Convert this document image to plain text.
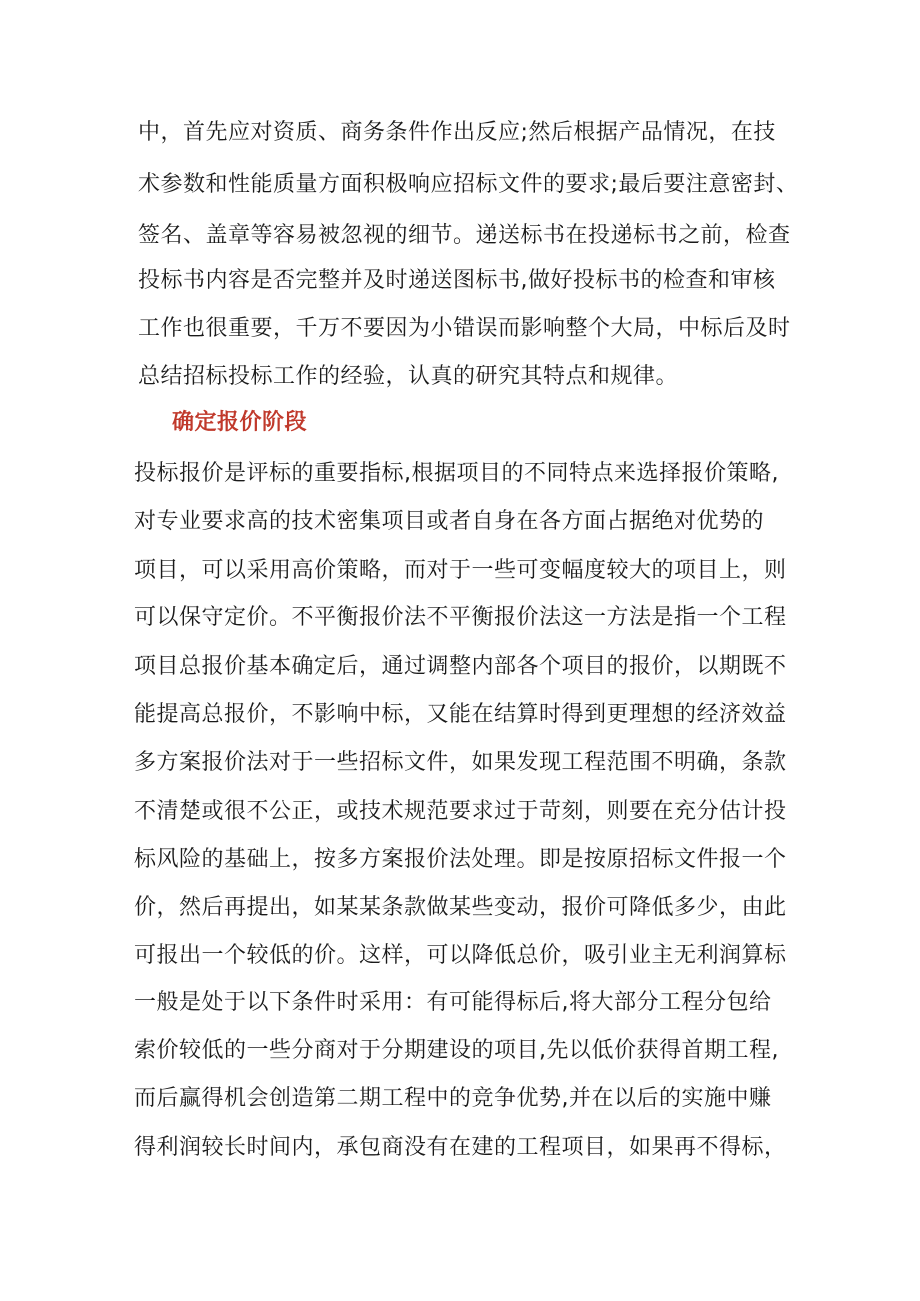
中，首先应对资质、商务条件作出反应;然后根据产品情况，在技
术参数和性能质量方面积极响应招标文件的要求;最后要注意密封、
签名、盖章等容易被忽视的细节。递送标书在投递标书之前，检查
投标书内容是否完整并及时递送图标书,做好投标书的检查和审核
工作也很重要，千万不要因为小错误而影响整个大局，中标后及时
总结招标投标工作的经验，认真的研究其特点和规律。
确定报价阶段
投标报价是评标的重要指标,根据项目的不同特点来选择报价策略,
对专业要求高的技术密集项目或者自身在各方面占据绝对优势的
项目，可以采用高价策略，而对于一些可变幅度较大的项目上，则
可以保守定价。不平衡报价法不平衡报价法这一方法是指一个工程
项目总报价基本确定后，通过调整内部各个项目的报价，以期既不
能提高总报价，不影响中标，又能在结算时得到更理想的经济效益
多方案报价法对于一些招标文件，如果发现工程范围不明确，条款
不清楚或很不公正，或技术规范要求过于苛刻，则要在充分估计投
标风险的基础上，按多方案报价法处理。即是按原招标文件报一个
价，然后再提出，如某某条款做某些变动，报价可降低多少，由此
可报出一个较低的价。这样，可以降低总价，吸引业主无利润算标
一般是处于以下条件时采用：有可能得标后,将大部分工程分包给
索价较低的一些分商对于分期建设的项目,先以低价获得首期工程,
而后赢得机会创造第二期工程中的竞争优势,并在以后的实施中赚
得利润较长时间内，承包商没有在建的工程项目，如果再不得标，
